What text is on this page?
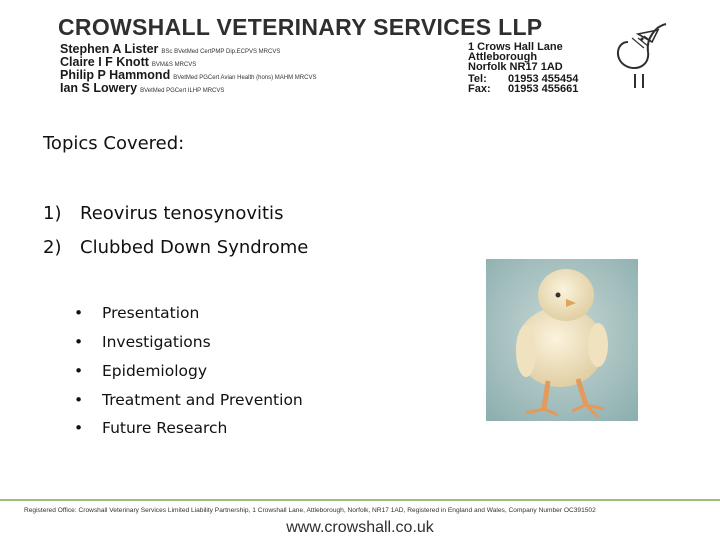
CROWSHALL VETERINARY SERVICES LLP
Stephen A Lister BSc BVetMed CertPMP Dip.ECPVS MRCVS
Claire I F Knott BVM&S MRCVS
Philip P Hammond BVetMed PGCert Avian Health (hons) MAHM MRCVS
Ian S Lowery BVetMed PGCert ILHP MRCVS
1 Crows Hall Lane
Attleborough
Norfolk NR17 1AD
Tel: 01953 455454
Fax: 01953 455661
Topics Covered:
1) Reovirus tenosynovitis
2) Clubbed Down Syndrome
• Presentation
• Investigations
• Epidemiology
• Treatment and Prevention
• Future Research
Registered Office: Crowshall Veterinary Services Limited Liability Partnership, 1 Crowshall Lane, Attleborough, Norfolk, NR17 1AD, Registered in England and Wales, Company Number OC391502
www.crowshall.co.uk
